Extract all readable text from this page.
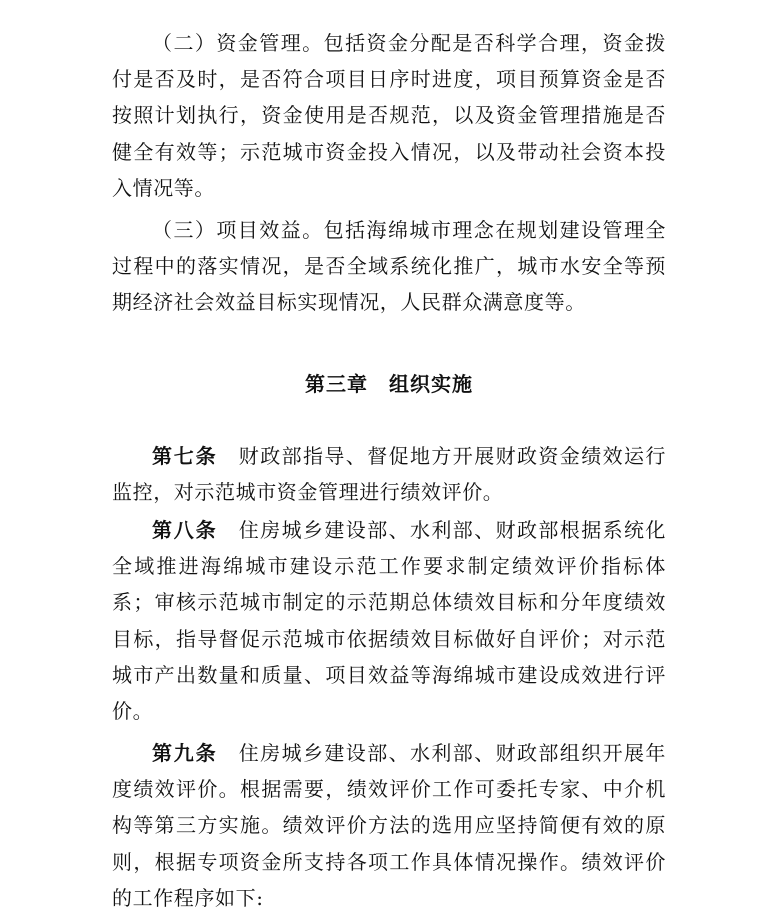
（二）资金管理。包括资金分配是否科学合理，资金拨付是否及时，是否符合项目日序时进度，项目预算资金是否按照计划执行，资金使用是否规范，以及资金管理措施是否健全有效等；示范城市资金投入情况，以及带动社会资本投入情况等。

（三）项目效益。包括海绵城市理念在规划建设管理全过程中的落实情况，是否全域系统化推广，城市水安全等预期经济社会效益目标实现情况，人民群众满意度等。

第三章　组织实施

第七条　财政部指导、督促地方开展财政资金绩效运行监控，对示范城市资金管理进行绩效评价。

第八条　住房城乡建设部、水利部、财政部根据系统化全域推进海绵城市建设示范工作要求制定绩效评价指标体系；审核示范城市制定的示范期总体绩效目标和分年度绩效目标，指导督促示范城市依据绩效目标做好自评价；对示范城市产出数量和质量、项目效益等海绵城市建设成效进行评价。

第九条　住房城乡建设部、水利部、财政部组织开展年度绩效评价。根据需要，绩效评价工作可委托专家、中介机构等第三方实施。绩效评价方法的选用应坚持简便有效的原则，根据专项资金所支持各项工作具体情况操作。绩效评价的工作程序如下:
